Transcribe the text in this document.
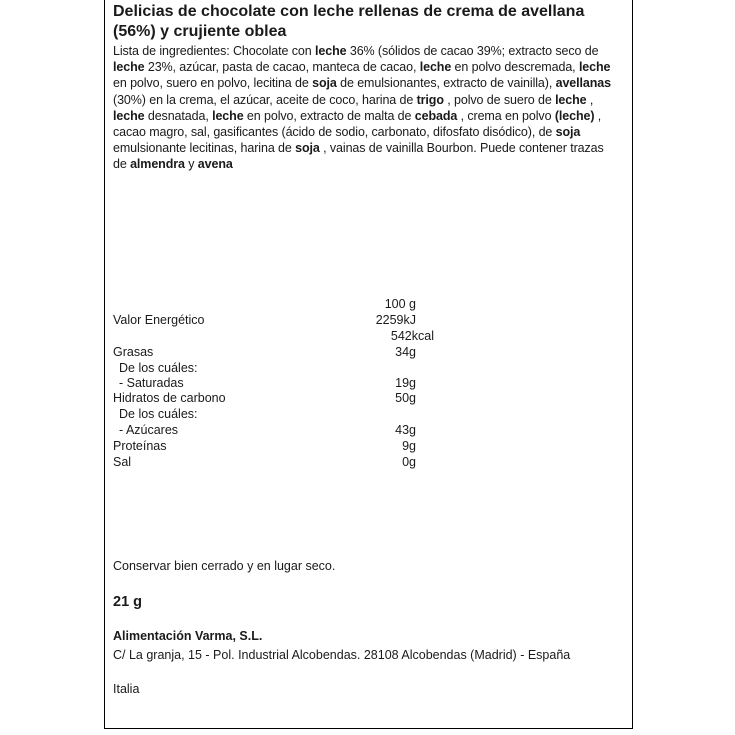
Delicias de chocolate con leche rellenas de crema de avellana (56%) y crujiente oblea
Lista de ingredientes: Chocolate con leche 36% (sólidos de cacao 39%; extracto seco de leche 23%, azúcar, pasta de cacao, manteca de cacao, leche en polvo descremada, leche en polvo, suero en polvo, lecitina de soja de emulsionantes, extracto de vainilla), avellanas (30%) en la crema, el azúcar, aceite de coco, harina de trigo , polvo de suero de leche , leche desnatada, leche en polvo, extracto de malta de cebada , crema en polvo (leche) , cacao magro, sal, gasificantes (ácido de sodio, carbonato, difosfato disódico), de soja emulsionante lecitinas, harina de soja , vainas de vainilla Bourbon. Puede contener trazas de almendra y avena
100 g
Valor Energético	2259kJ
542kcal
Grasas	34g
De los cuáles:
- Saturadas	19g
Hidratos de carbono	50g
De los cuáles:
- Azúcares	43g
Proteínas	9g
Sal	0g
Conservar bien cerrado y en lugar seco.
21 g
Alimentación Varma, S.L.
C/ La granja, 15 - Pol. Industrial Alcobendas. 28108 Alcobendas (Madrid) - España
Italia
